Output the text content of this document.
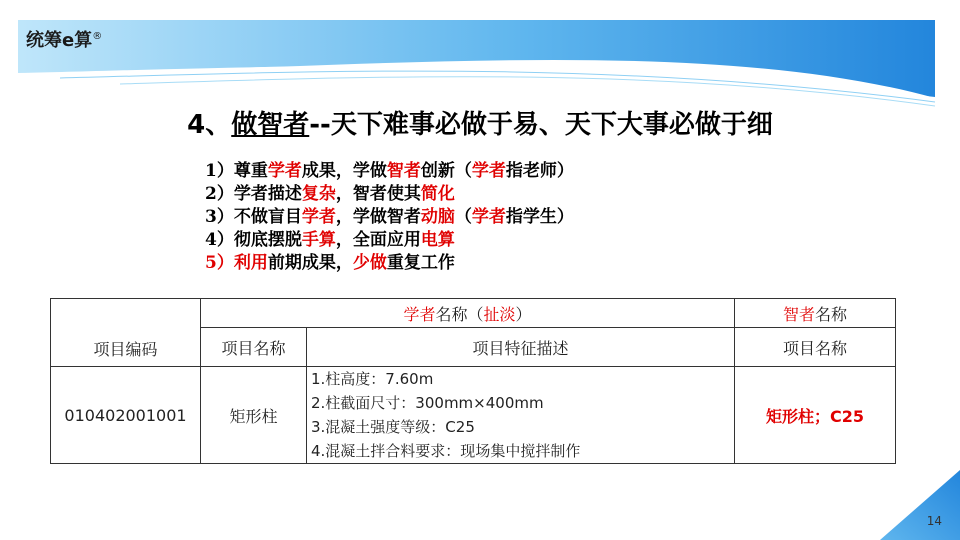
统筹e算®
4、做智者--天下难事必做于易、天下大事必做于细
1）尊重学者成果，学做智者创新（学者指老师）
2）学者描述复杂，智者使其简化
3）不做盲目学者，学做智者动脑（学者指学生）
4）彻底摆脱手算，全面应用电算
5）利用前期成果，少做重复工作
项目编码	学者名称（扯淡）		智者名称
	项目名称	项目特征描述	项目名称
010402001001	矩形柱	1.柱高度：7.60m
2.柱截面尺寸：300mm×400mm
3.混凝土强度等级：C25
4.混凝土拌合料要求：现场集中搅拌制作	矩形柱；C25
14
